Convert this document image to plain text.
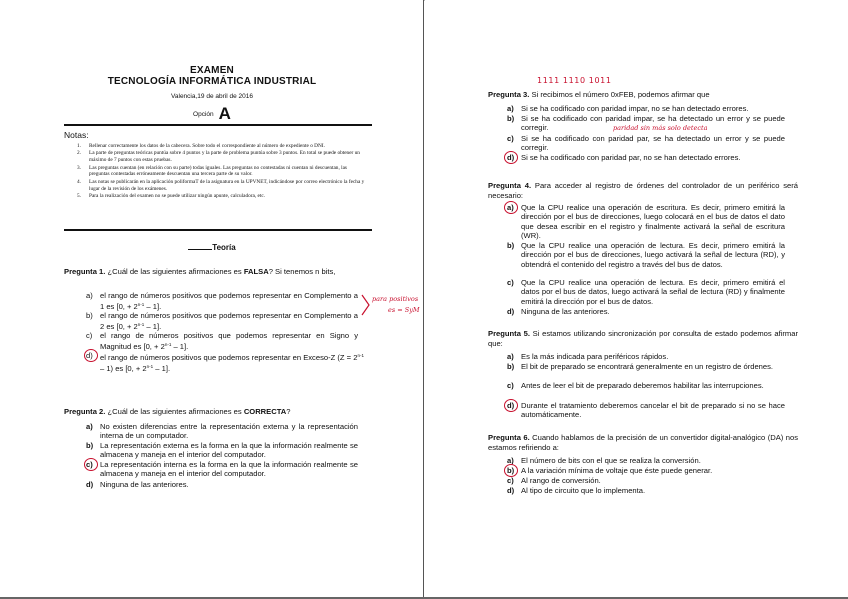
EXAMEN
TECNOLOGÍA INFORMÁTICA INDUSTRIAL
Valencia,19 de abril de 2016
Opción A
Notas:
1. Rellenar correctamente los datos de la cabecera. Sobre todo el correspondiente al número de expediente o DNI.
2. La parte de preguntas teóricas puntúa sobre 4 puntos y la parte de problema puntúa sobre 3 puntos. En total se puede obtener un máximo de 7 puntos con estas pruebas.
3. Las preguntas cuentan (en relación con su parte) todas iguales. Las preguntas no contestadas ni cuentan ni descuentan, las preguntas contestadas erróneamente descuentan una tercera parte de su valor.
4. Las notas se publicarán en la aplicación poliformaT de la asignatura en la UPVNET, indicándose por correo electrónico la fecha y lugar de la revisión de los exámenes.
5. Para la realización del examen no se puede utilizar ningún apunte, calculadora, etc.
Teoría
Pregunta 1. ¿Cuál de las siguientes afirmaciones es FALSA? Si tenemos n bits,
a) el rango de números positivos que podemos representar en Complemento a 1 es [0, + $2^{n-1} - 1$].
b) el rango de números positivos que podemos representar en Complemento a 2 es [0, + $2^{n-1} - 1$].
c) el rango de números positivos que podemos representar en Signo y Magnitud es [0, + $2^{n-1} - 1$].
d) el rango de números positivos que podemos representar en Exceso-Z $(Z = 2^{n-1} - 1)$ es [0, + $2^{n-1} - 1$].
para positivos
es = SyM
Pregunta 2. ¿Cuál de las siguientes afirmaciones es CORRECTA?
a) No existen diferencias entre la representación externa y la representación interna de un computador.
b) La representación externa es la forma en la que la información realmente se almacena y maneja en el interior del computador.
c) La representación interna es la forma en la que la información realmente se almacena y maneja en el interior del computador.
d) Ninguna de las anteriores.
1111 1110 1011
Pregunta 3. Si recibimos el número 0xFEB, podemos afirmar que
a) Si se ha codificado con paridad impar, no se han detectado errores.
b) Si se ha codificado con paridad impar, se ha detectado un error y se puede corregir.	paridad sin más solo detecta
c) Si se ha codificado con paridad par, se ha detectado un error y se puede corregir.
d) Si se ha codificado con paridad par, no se han detectado errores.
Pregunta 4. Para acceder al registro de órdenes del controlador de un periférico será necesario:
a) Que la CPU realice una operación de escritura. Es decir, primero emitirá la dirección por el bus de direcciones, luego colocará en el bus de datos el dato que desea escribir en el registro y finalmente activará la señal de escritura (WR).
b) Que la CPU realice una operación de lectura. Es decir, primero emitirá la dirección por el bus de direcciones, luego activará la señal de lectura (RD), y obtendrá el contenido del registro a través del bus de datos.
c) Que la CPU realice una operación de lectura. Es decir, primero emitirá el datos por el bus de datos, luego activará la señal de lectura (RD) y finalmente emitirá la dirección por el bus de datos.
d) Ninguna de las anteriores.
Pregunta 5. Si estamos utilizando sincronización por consulta de estado podemos afirmar que:
a) Es la más indicada para periféricos rápidos.
b) El bit de preparado se encontrará generalmente en un registro de órdenes.
c) Antes de leer el bit de preparado deberemos habilitar las interrupciones.
d) Durante el tratamiento deberemos cancelar el bit de preparado si no se hace automáticamente.
Pregunta 6. Cuando hablamos de la precisión de un convertidor digital-analógico (DA) nos estamos refiriendo a:
a) El número de bits con el que se realiza la conversión.
b) A la variación mínima de voltaje que éste puede generar.
c) Al rango de conversión.
d) Al tipo de circuito que lo implementa.
